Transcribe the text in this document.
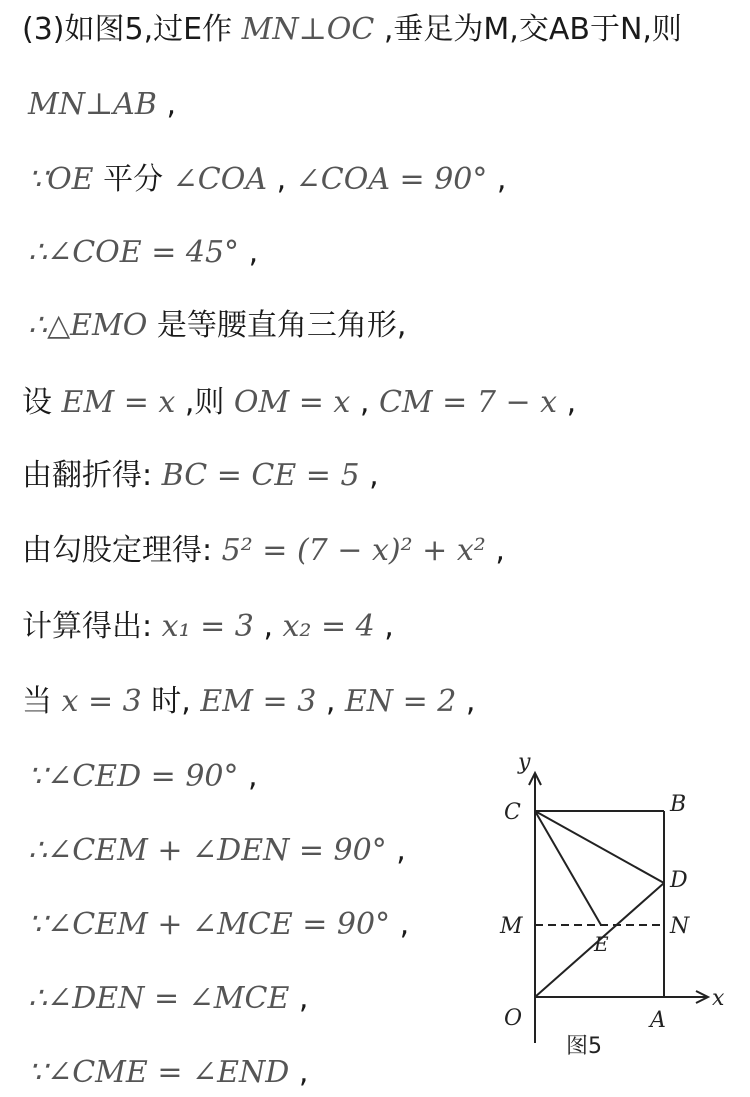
(3)如图5,过E作 MN⊥OC ,垂足为M,交AB于N,则
MN⊥AB ,
∵OE 平分 ∠COA , ∠COA = 90° ,
∴∠COE = 45° ,
∴△EMO 是等腰直角三角形,
设 EM = x ,则 OM = x , CM = 7 − x ,
由翻折得: BC = CE = 5 ,
由勾股定理得: 5² = (7 − x)² + x² ,
计算得出: x₁ = 3 , x₂ = 4 ,
当 x = 3 时, EM = 3 , EN = 2 ,
∵∠CED = 90° ,
∴∠CEM + ∠DEN = 90° ,
∵∠CEM + ∠MCE = 90° ,
∴∠DEN = ∠MCE ,
∵∠CME = ∠END ,
y
x
C	B
D
M	N
E
O	A
图5
